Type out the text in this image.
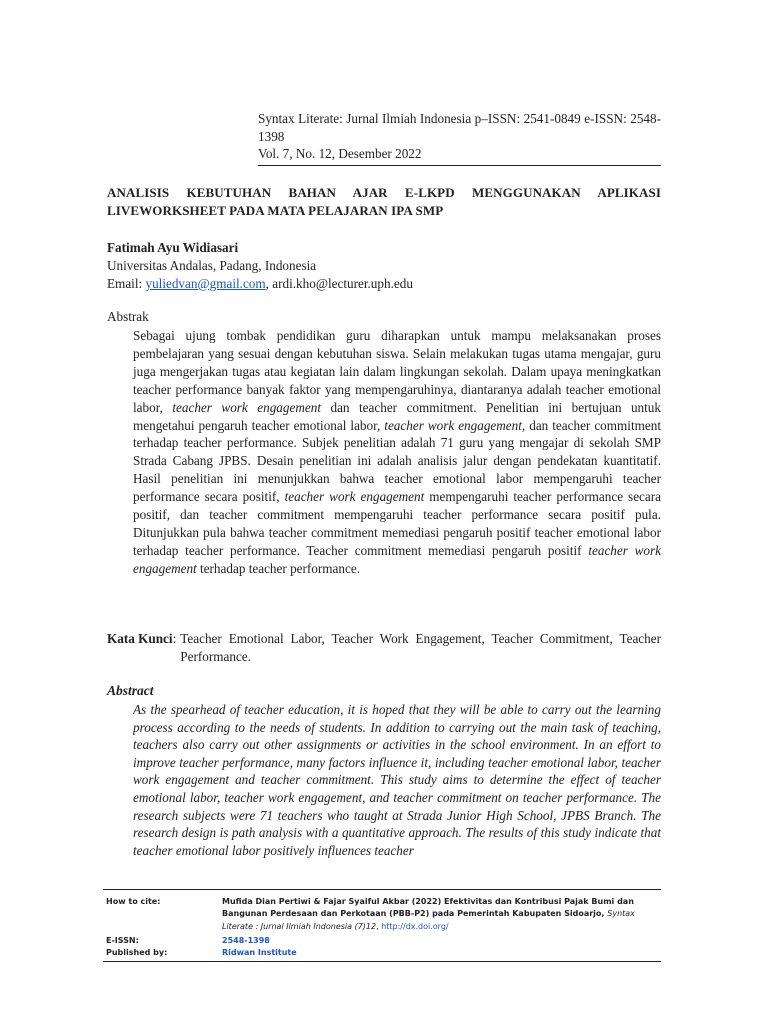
Syntax Literate: Jurnal Ilmiah Indonesia p–ISSN: 2541-0849 e-ISSN: 2548-1398
Vol. 7, No. 12, Desember 2022
ANALISIS KEBUTUHAN BAHAN AJAR E-LKPD MENGGUNAKAN APLIKASI LIVEWORKSHEET PADA MATA PELAJARAN IPA SMP
Fatimah Ayu Widiasari
Universitas Andalas, Padang, Indonesia
Email: yuliedvan@gmail.com, ardi.kho@lecturer.uph.edu
Abstrak
Sebagai ujung tombak pendidikan guru diharapkan untuk mampu melaksanakan proses pembelajaran yang sesuai dengan kebutuhan siswa. Selain melakukan tugas utama mengajar, guru juga mengerjakan tugas atau kegiatan lain dalam lingkungan sekolah. Dalam upaya meningkatkan teacher performance banyak faktor yang mempengaruhinya, diantaranya adalah teacher emotional labor, teacher work engagement dan teacher commitment. Penelitian ini bertujuan untuk mengetahui pengaruh teacher emotional labor, teacher work engagement, dan teacher commitment terhadap teacher performance. Subjek penelitian adalah 71 guru yang mengajar di sekolah SMP Strada Cabang JPBS. Desain penelitian ini adalah analisis jalur dengan pendekatan kuantitatif. Hasil penelitian ini menunjukkan bahwa teacher emotional labor mempengaruhi teacher performance secara positif, teacher work engagement mempengaruhi teacher performance secara positif, dan teacher commitment mempengaruhi teacher performance secara positif pula. Ditunjukkan pula bahwa teacher commitment memediasi pengaruh positif teacher emotional labor terhadap teacher performance. Teacher commitment memediasi pengaruh positif teacher work engagement terhadap teacher performance.
Kata Kunci : Teacher Emotional Labor, Teacher Work Engagement, Teacher Commitment, Teacher Performance.
Abstract
As the spearhead of teacher education, it is hoped that they will be able to carry out the learning process according to the needs of students. In addition to carrying out the main task of teaching, teachers also carry out other assignments or activities in the school environment. In an effort to improve teacher performance, many factors influence it, including teacher emotional labor, teacher work engagement and teacher commitment. This study aims to determine the effect of teacher emotional labor, teacher work engagement, and teacher commitment on teacher performance. The research subjects were 71 teachers who taught at Strada Junior High School, JPBS Branch. The research design is path analysis with a quantitative approach. The results of this study indicate that teacher emotional labor positively influences teacher
How to cite:	Mufida Dian Pertiwi & Fajar Syaiful Akbar (2022) Efektivitas dan Kontribusi Pajak Bumi dan Bangunan Perdesaan dan Perkotaan (PBB-P2) pada Pemerintah Kabupaten Sidoarjo, Syntax Literate : Jurnal Ilmiah Indonesia (7)12, http://dx.doi.org/
E-ISSN:	2548-1398
Published by:	Ridwan Institute
